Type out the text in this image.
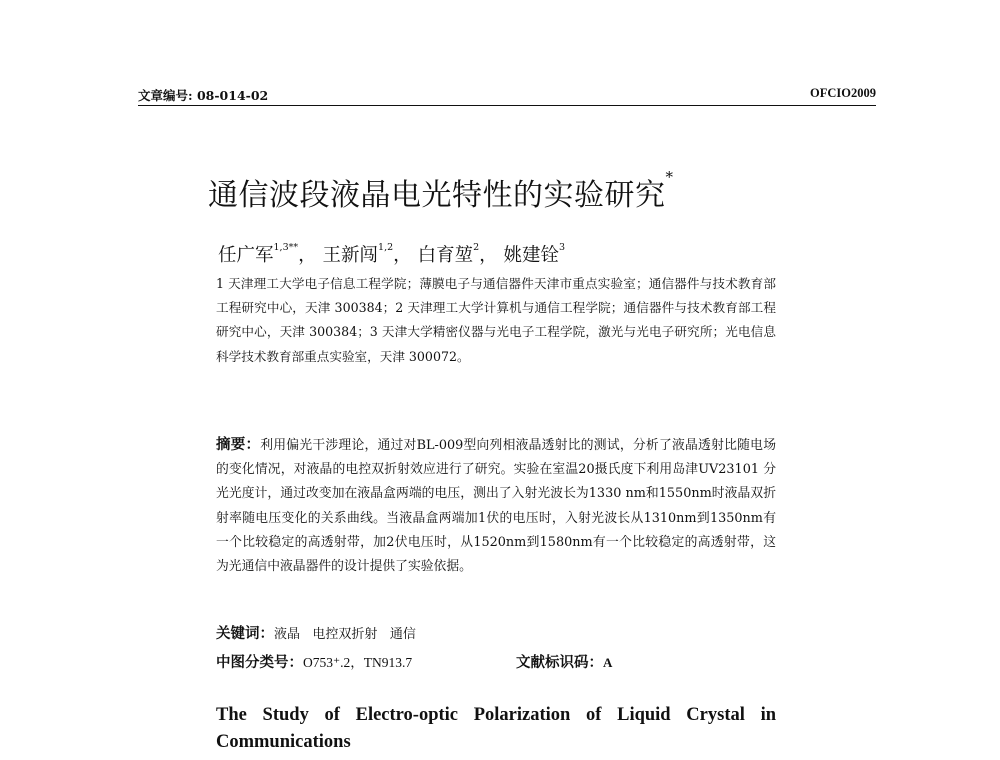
文章编号: 08-014-02	OFCIO2009
通信波段液晶电光特性的实验研究*
任广军$^{1,3**}$， 王新闯$^{1,2}$， 白育堃$^2$， 姚建铨$^3$
1 天津理工大学电子信息工程学院；薄膜电子与通信器件天津市重点实验室；通信器件与技术教育部工程研究中心，天津 300384；2 天津理工大学计算机与通信工程学院；通信器件与技术教育部工程研究中心，天津 300384；3 天津大学精密仪器与光电子工程学院，激光与光电子研究所；光电信息科学技术教育部重点实验室，天津 300072。
摘要：利用偏光干涉理论，通过对BL-009型向列相液晶透射比的测试，分析了液晶透射比随电场的变化情况，对液晶的电控双折射效应进行了研究。实验在室温20摄氏度下利用岛津UV23101 分光光度计，通过改变加在液晶盒两端的电压，测出了入射光波长为1330 nm和1550nm时液晶双折射率随电压变化的关系曲线。当液晶盒两端加1伏的电压时，入射光波长从1310nm到1350nm有一个比较稳定的高透射带，加2伏电压时，从1520nm到1580nm有一个比较稳定的高透射带，这为光通信中液晶器件的设计提供了实验依据。
关键词：液晶 电控双折射 通信
中图分类号：O753⁺.2，TN913.7	文献标识码：A
The Study of Electro-optic Polarization of Liquid Crystal in Communications
